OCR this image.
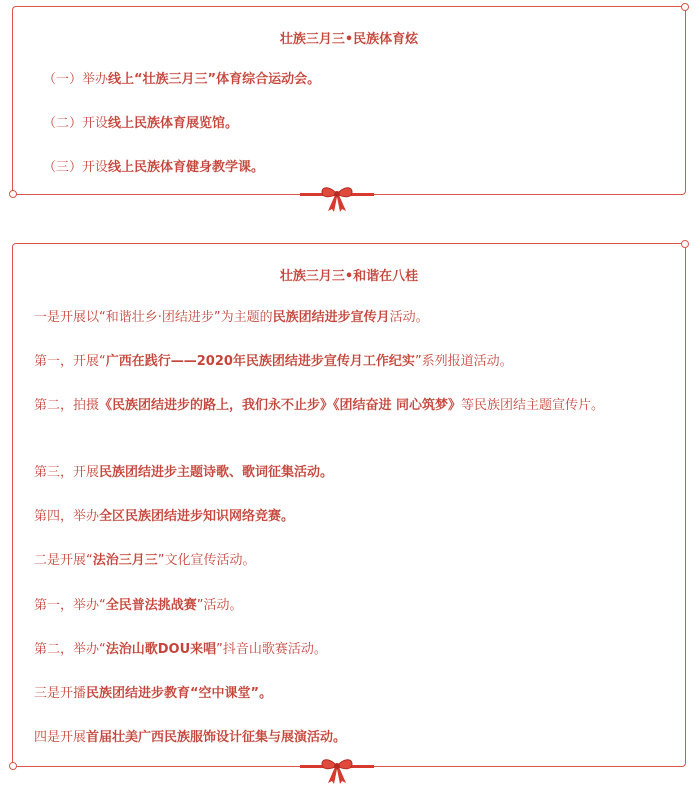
壮族三月三•民族体育炫
（一）举办线上“壮族三月三”体育综合运动会。
（二）开设线上民族体育展览馆。
（三）开设线上民族体育健身教学课。
壮族三月三•和谐在八桂
一是开展以“和谐壮乡·团结进步”为主题的民族团结进步宣传月活动。
第一，开展“广西在践行——2020年民族团结进步宣传月工作纪实”系列报道活动。
第二，拍摄《民族团结进步的路上，我们永不止步》《团结奋进 同心筑梦》等民族团结主题宣传片。
第三，开展民族团结进步主题诗歌、歌词征集活动。
第四，举办全区民族团结进步知识网络竞赛。
二是开展“法治三月三”文化宣传活动。
第一，举办“全民普法挑战赛”活动。
第二，举办“法治山歌DOU来唱”抖音山歌赛活动。
三是开播民族团结进步教育“空中课堂”。
四是开展首届壮美广西民族服饰设计征集与展演活动。
